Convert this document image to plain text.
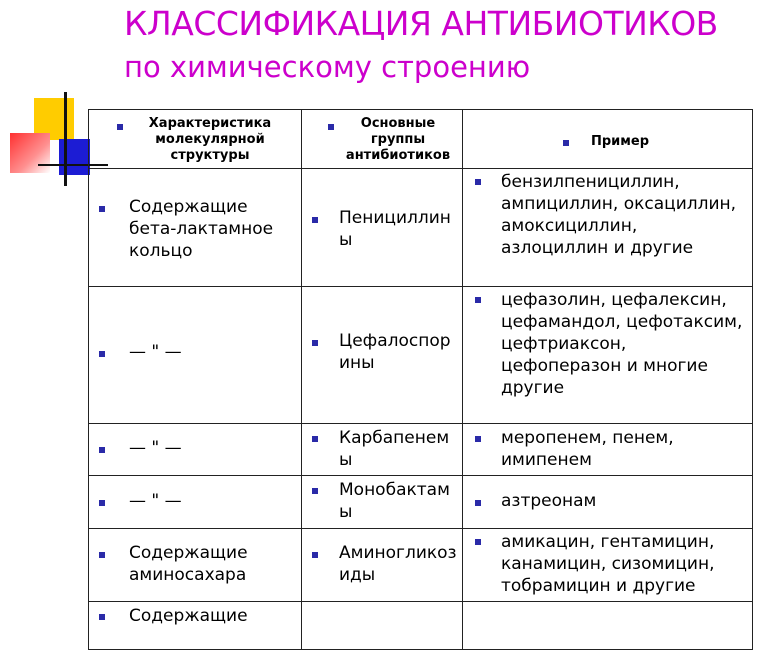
КЛАССИФИКАЦИЯ АНТИБИОТИКОВ
по химическому строению
Характеристика молекулярной структуры	Основные группы антибиотиков	Пример

Содержащие бета-лактамное кольцо	Пенициллины	бензилпенициллин, ампициллин, оксациллин, амоксициллин, азлоциллин и другие

— " —	Цефалоспорины	цефазолин, цефалексин, цефамандол, цефотаксим, цефтриаксон, цефоперазон и многие другие

— " —	Карбапенемы	меропенем, пенем, имипенем

— " —	Монобактамы	азтреонам

Содержащие аминосахара	Аминогликозиды	амикацин, гентамицин, канамицин, сизомицин, тобрамицин и другие

Содержащие		
